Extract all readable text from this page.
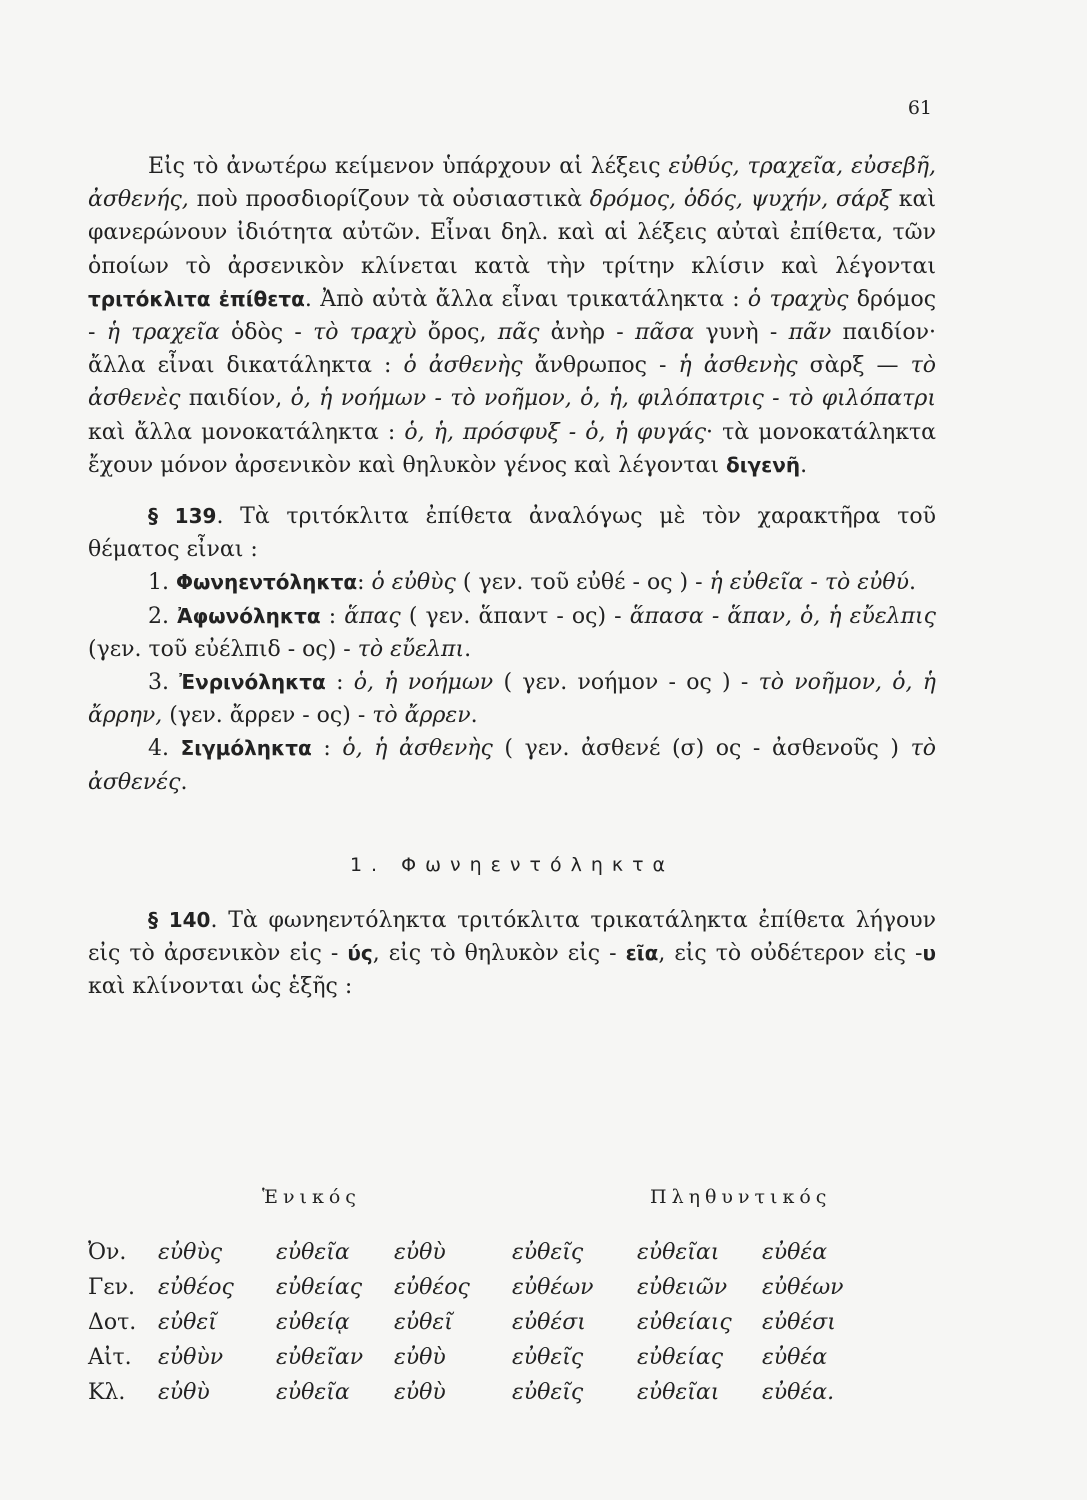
61

Εἰς τὸ ἀνωτέρω κείμενον ὑπάρχουν αἱ λέξεις εὐθύς, τραχεῖα, εὐσεβῆ, ἀσθενής, ποὺ προσδιορίζουν τὰ οὐσιαστικὰ δρόμος, ὁδός, ψυχήν, σάρξ καὶ φανερώνουν ἰδιότητα αὐτῶν. Εἶναι δηλ. καὶ αἱ λέξεις αὐταὶ ἐπίθετα, τῶν ὁποίων τὸ ἀρσενικὸν κλίνεται κατὰ τὴν τρίτην κλίσιν καὶ λέγονται τριτόκλιτα ἐπίθετα. Ἀπὸ αὐτὰ ἄλλα εἶναι τρικατάληκτα : ὁ τραχὺς δρόμος - ἡ τραχεῖα ὁδὸς - τὸ τραχὺ ὄρος, πᾶς ἀνὴρ - πᾶσα γυνὴ - πᾶν παιδίον· ἄλλα εἶναι δικατάληκτα : ὁ ἀσθενὴς ἄνθρωπος - ἡ ἀσθενὴς σὰρξ — τὸ ἀσθενὲς παιδίον, ὁ, ἡ νοήμων - τὸ νοῆμον, ὁ, ἡ, φιλόπατρις - τὸ φιλόπατρι καὶ ἄλλα μονοκατάληκτα : ὁ, ἡ, πρόσφυξ - ὁ, ἡ φυγάς· τὰ μονοκατάληκτα ἔχουν μόνον ἀρσενικὸν καὶ θηλυκὸν γένος καὶ λέγονται διγενῆ.

§ 139. Τὰ τριτόκλιτα ἐπίθετα ἀναλόγως μὲ τὸν χαρακτῆρα τοῦ θέματος εἶναι :

1. Φωνηεντόληκτα: ὁ εὐθὺς ( γεν. τοῦ εὐθέ - ος ) - ἡ εὐθεῖα - τὸ εὐθύ.

2. Ἀφωνόληκτα : ἅπας ( γεν. ἅπαντ - ος) - ἅπασα - ἅπαν, ὁ, ἡ εὔελπις (γεν. τοῦ εὐέλπιδ - ος) - τὸ εὔελπι.

3. Ἐνρινόληκτα : ὁ, ἡ νοήμων ( γεν. νοήμον - ος ) - τὸ νοῆμον, ὁ, ἡ ἄρρην, (γεν. ἄρρεν - ος) - τὸ ἄρρεν.

4. Σιγμόληκτα : ὁ, ἡ ἀσθενὴς ( γεν. ἀσθενέ (σ) ος - ἀσθενοῦς ) τὸ ἀσθενές.

1. Φωνηεντόληκτα

§ 140. Τὰ φωνηεντόληκτα τριτόκλιτα τρικατάληκτα ἐπίθετα λήγουν εἰς τὸ ἀρσενικὸν εἰς - ύς, εἰς τὸ θηλυκὸν εἰς - εῖα, εἰς τὸ οὐδέτερον εἰς -υ καὶ κλίνονται ὡς ἑξῆς :

Ἑνικός	Πληθυντικός
Ὀν.	εὐθὺς	εὐθεῖα	εὐθὺ	εὐθεῖς	εὐθεῖαι	εὐθέα
Γεν.	εὐθέος	εὐθείας	εὐθέος	εὐθέων	εὐθειῶν	εὐθέων
Δοτ.	εὐθεῖ	εὐθείᾳ	εὐθεῖ	εὐθέσι	εὐθείαις	εὐθέσι
Αἰτ.	εὐθὺν	εὐθεῖαν	εὐθὺ	εὐθεῖς	εὐθείας	εὐθέα
Κλ.	εὐθὺ	εὐθεῖα	εὐθὺ	εὐθεῖς	εὐθεῖαι	εὐθέα.
